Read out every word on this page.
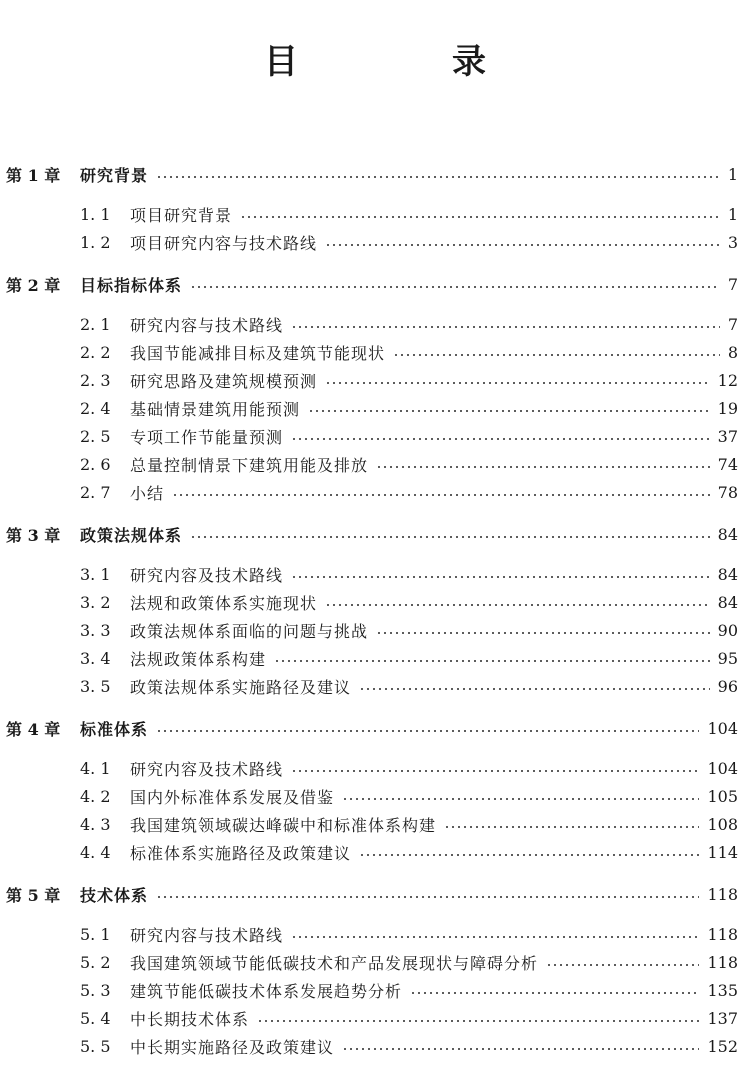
目　录
第 1 章	研究背景	1
1. 1	项目研究背景	1
1. 2	项目研究内容与技术路线	3
第 2 章	目标指标体系	7
2. 1	研究内容与技术路线	7
2. 2	我国节能减排目标及建筑节能现状	8
2. 3	研究思路及建筑规模预测	12
2. 4	基础情景建筑用能预测	19
2. 5	专项工作节能量预测	37
2. 6	总量控制情景下建筑用能及排放	74
2. 7	小结	78
第 3 章	政策法规体系	84
3. 1	研究内容及技术路线	84
3. 2	法规和政策体系实施现状	84
3. 3	政策法规体系面临的问题与挑战	90
3. 4	法规政策体系构建	95
3. 5	政策法规体系实施路径及建议	96
第 4 章	标准体系	104
4. 1	研究内容及技术路线	104
4. 2	国内外标准体系发展及借鉴	105
4. 3	我国建筑领域碳达峰碳中和标准体系构建	108
4. 4	标准体系实施路径及政策建议	114
第 5 章	技术体系	118
5. 1	研究内容与技术路线	118
5. 2	我国建筑领域节能低碳技术和产品发展现状与障碍分析	118
5. 3	建筑节能低碳技术体系发展趋势分析	135
5. 4	中长期技术体系	137
5. 5	中长期实施路径及政策建议	152
